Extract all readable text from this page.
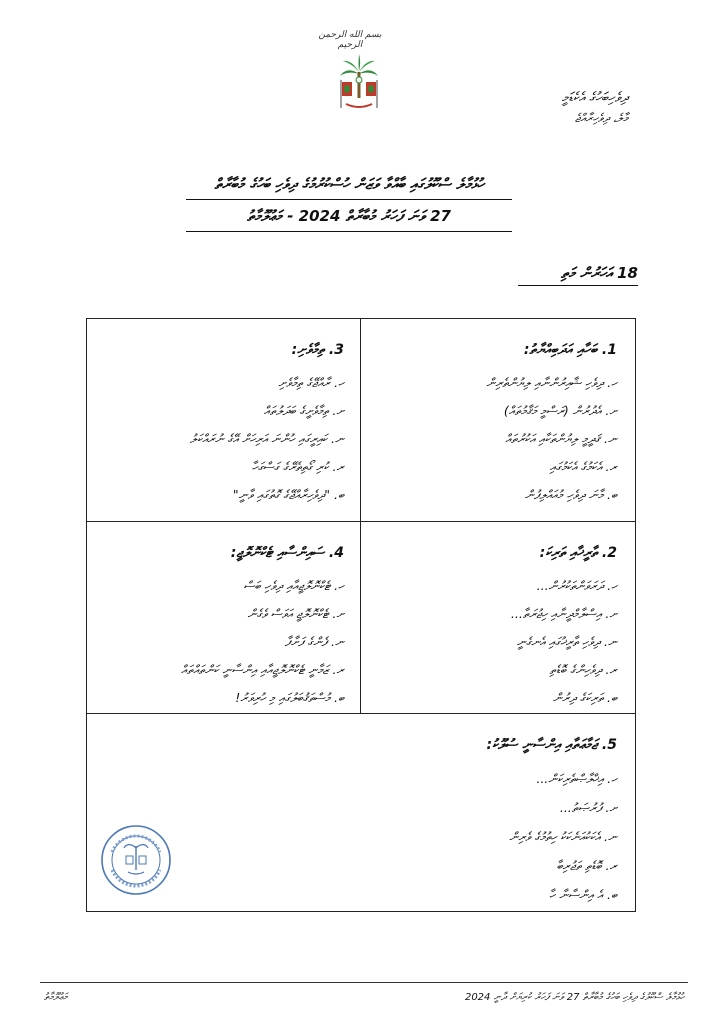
بسم الله الرحمن الرحيم
ދިވެހިބަހުގެ އެކެޑަމީ
މާލެ، ދިވެހިރާއްޖެ
ހުޅުމާލެ ސްކޫލުގައި ބާއްވާ ވަޒަން ހުސްކުރުމުގެ ދިވެހި ބަހުގެ މުބާރާތް
27 ވަނަ ފަހަރު މުބާރާތް 2024 - މަޢުލޫމާތު
18 އަހަރުން މަތި
1. ބަހާއި އަދަބިއްޔާތު:
ހ. ދިވެހި ޝާއިރުންނާއި ލިޔުންތެރިން
ށ. އެދުރުން (ރަސްމީ މަޤާމުތައް)
ނ. ޤަދީމީ ލިޔުންތަކާއި އަކުރުތައް
ރ. އެކަމުގެ އެކަމުގައި
ބ. މާނަ ދިވެހި މުއައްލިފުން
3. ތިމާވެށި:
ހ. ރާއްޖޭގެ ތިމާވެށި
ށ. ތިމާވެށީގެ ބަދަލުތައް
ނ. ކައިރީގައި ހުންނަ އަރިހަށް އޭގެ ނުރައްކަލު
ރ. ކުރި ގޯތިތެރޭގެ ގަސްގަހާ
ބ. "ދިވެހިރާއްޖޭގެ ގޮތުގައި ވާނީ"
2. ތާރީޚާއި ތަރިކަ:
ހ. ދަރަވަންތަކުރުން...
ށ. އިސްލާމްދީނާއި ހިޖުރަތާ...
ނ. ދިވެހި ތާރީޚުގައި އެނގެނީ
ރ. ދިވެހިންގެ ބޮޑެތި
ބ. ތަރިކަގެ ދިރުން
4. ސައިންސާއި ޓެކްނޮލޮޖީ:
ހ. ޓެކްނޮލޮޖީއާއި ދިވެހި ބަސް
ށ. ޓެކްނޮލޮޖީ އަވަސް ވެގެން
ނ. ފެންގެ ފަށާފާ
ރ. ޒަމާނީ ޓެކްނޮލޮޖީއާއި އިންސާނީ ކަންތައްތައް
ބ. މުސްތަޤުބަލުގައި މި ހުރިވަރު!
5. ޖަމާޢަތާއި އިންސާނީ ސުލޫކު:
ހ. އިޚްލާޞްތެރިކަން...
ށ. ފުރުޞަތު...
ނ. އެކަކުއަނެކަކު ހިތުމުގެ ވެރިން
ރ. ބޮޑެތި ތަޖުރިބާ
ބ. އެ އިންސާނާ ހާ
މަޢުލޫމާތު	ހުޅުމާލެ ސްކޫލުގެ ދިވެހި ބަހުގެ މުބާރާތް 27 ވަނަ ފަހަރު ކުރިޔަށް ދާނީ 2024
